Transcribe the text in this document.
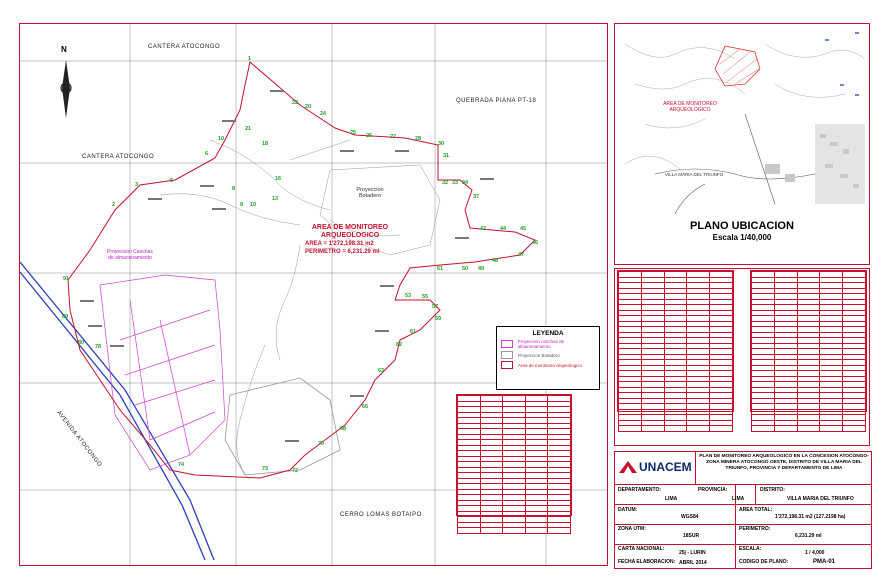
1
22
20
24
25 26	27	28
30
31
32 33 34
37
42	44	45
46
47
48
49
50
51
53 55
57
59
61
62
63
66
68
70
72
73
74
78
80
89
91
2
3
5
6
10
8
9 10
13
16
18
21
N	CANTERA ATOCONGO
CANTERA ATOCONGO
QUEBRADA PIANA PT-18
AVENIDA ATOCONGO
CERRO LOMAS BOTAIPO
AREA DE MONITOREO
ARQUEOLOGICO
AREA = 1'272,198.31 m2
PERIMETRO = 6,231.29 ml
Proyeccion Botadero
Proyeccion Canchas de almacenamiento
LEYENDA
Proyeccion canchas de almacenamiento
Proyeccion Botadero
Area de monitoreo arqueologico

AREA DE MONITOREO
ARQUEOLOGICO
VILLA MARIA DEL TRIUNFO
PLANO UBICACION
Escala 1/40,000

UNACEM
PLAN DE MONITOREO ARQUEOLOGICO EN LA CONCESION ATOCONGO-ZONA MINERA ATOCONGO OESTE, DISTRITO DE VILLA MARIA DEL TRIUNFO, PROVINCIA Y DEPARTAMENTO DE LIMA
DEPARTAMENTO:
LIMA
PROVINCIA:
LIMA
DISTRITO:
VILLA MARIA DEL TRIUNFO
DATUM:
WGS84
AREA TOTAL:
1'272,198.31 m2 (127.2198 ha)
ZONA UTM:
18SUR
PERIMETRO:
6,231.29 ml
CARTA NACIONAL:
25j - LURIN
ESCALA:
1 / 4,000
FECHA ELABORACION: ABRIL 2014	CODIGO DE PLANO:	PMA-01
